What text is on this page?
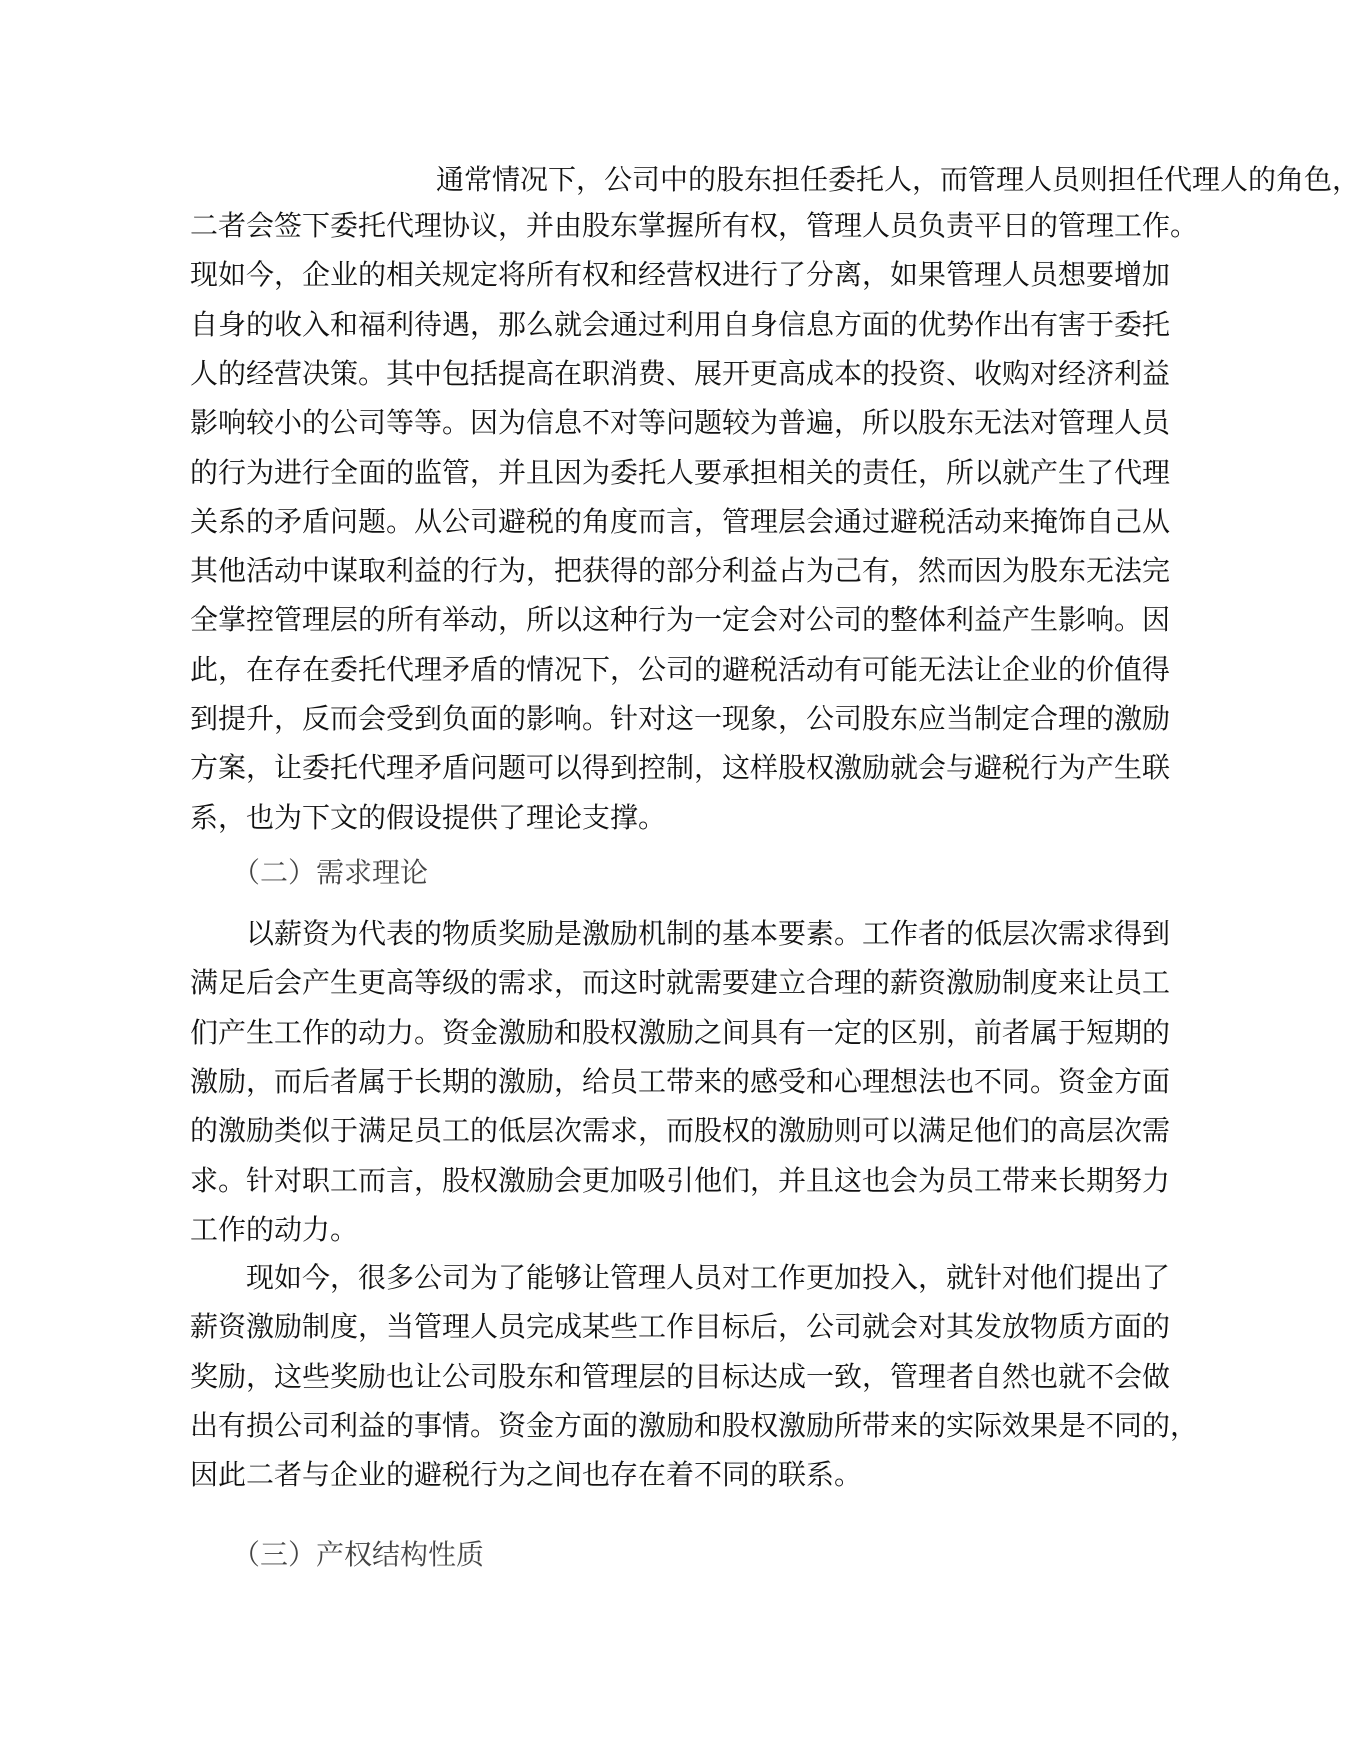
通常情况下，公司中的股东担任委托人，而管理人员则担任代理人的角色，
二者会签下委托代理协议，并由股东掌握所有权，管理人员负责平日的管理工作。
现如今，企业的相关规定将所有权和经营权进行了分离，如果管理人员想要增加
自身的收入和福利待遇，那么就会通过利用自身信息方面的优势作出有害于委托
人的经营决策。其中包括提高在职消费、展开更高成本的投资、收购对经济利益
影响较小的公司等等。因为信息不对等问题较为普遍，所以股东无法对管理人员
的行为进行全面的监管，并且因为委托人要承担相关的责任，所以就产生了代理
关系的矛盾问题。从公司避税的角度而言，管理层会通过避税活动来掩饰自己从
其他活动中谋取利益的行为，把获得的部分利益占为己有，然而因为股东无法完
全掌控管理层的所有举动，所以这种行为一定会对公司的整体利益产生影响。因
此，在存在委托代理矛盾的情况下，公司的避税活动有可能无法让企业的价值得
到提升，反而会受到负面的影响。针对这一现象，公司股东应当制定合理的激励
方案，让委托代理矛盾问题可以得到控制，这样股权激励就会与避税行为产生联
系，也为下文的假设提供了理论支撑。
（二）需求理论
以薪资为代表的物质奖励是激励机制的基本要素。工作者的低层次需求得到
满足后会产生更高等级的需求，而这时就需要建立合理的薪资激励制度来让员工
们产生工作的动力。资金激励和股权激励之间具有一定的区别，前者属于短期的
激励，而后者属于长期的激励，给员工带来的感受和心理想法也不同。资金方面
的激励类似于满足员工的低层次需求，而股权的激励则可以满足他们的高层次需
求。针对职工而言，股权激励会更加吸引他们，并且这也会为员工带来长期努力
工作的动力。
现如今，很多公司为了能够让管理人员对工作更加投入，就针对他们提出了
薪资激励制度，当管理人员完成某些工作目标后，公司就会对其发放物质方面的
奖励，这些奖励也让公司股东和管理层的目标达成一致，管理者自然也就不会做
出有损公司利益的事情。资金方面的激励和股权激励所带来的实际效果是不同的，
因此二者与企业的避税行为之间也存在着不同的联系。
（三）产权结构性质
